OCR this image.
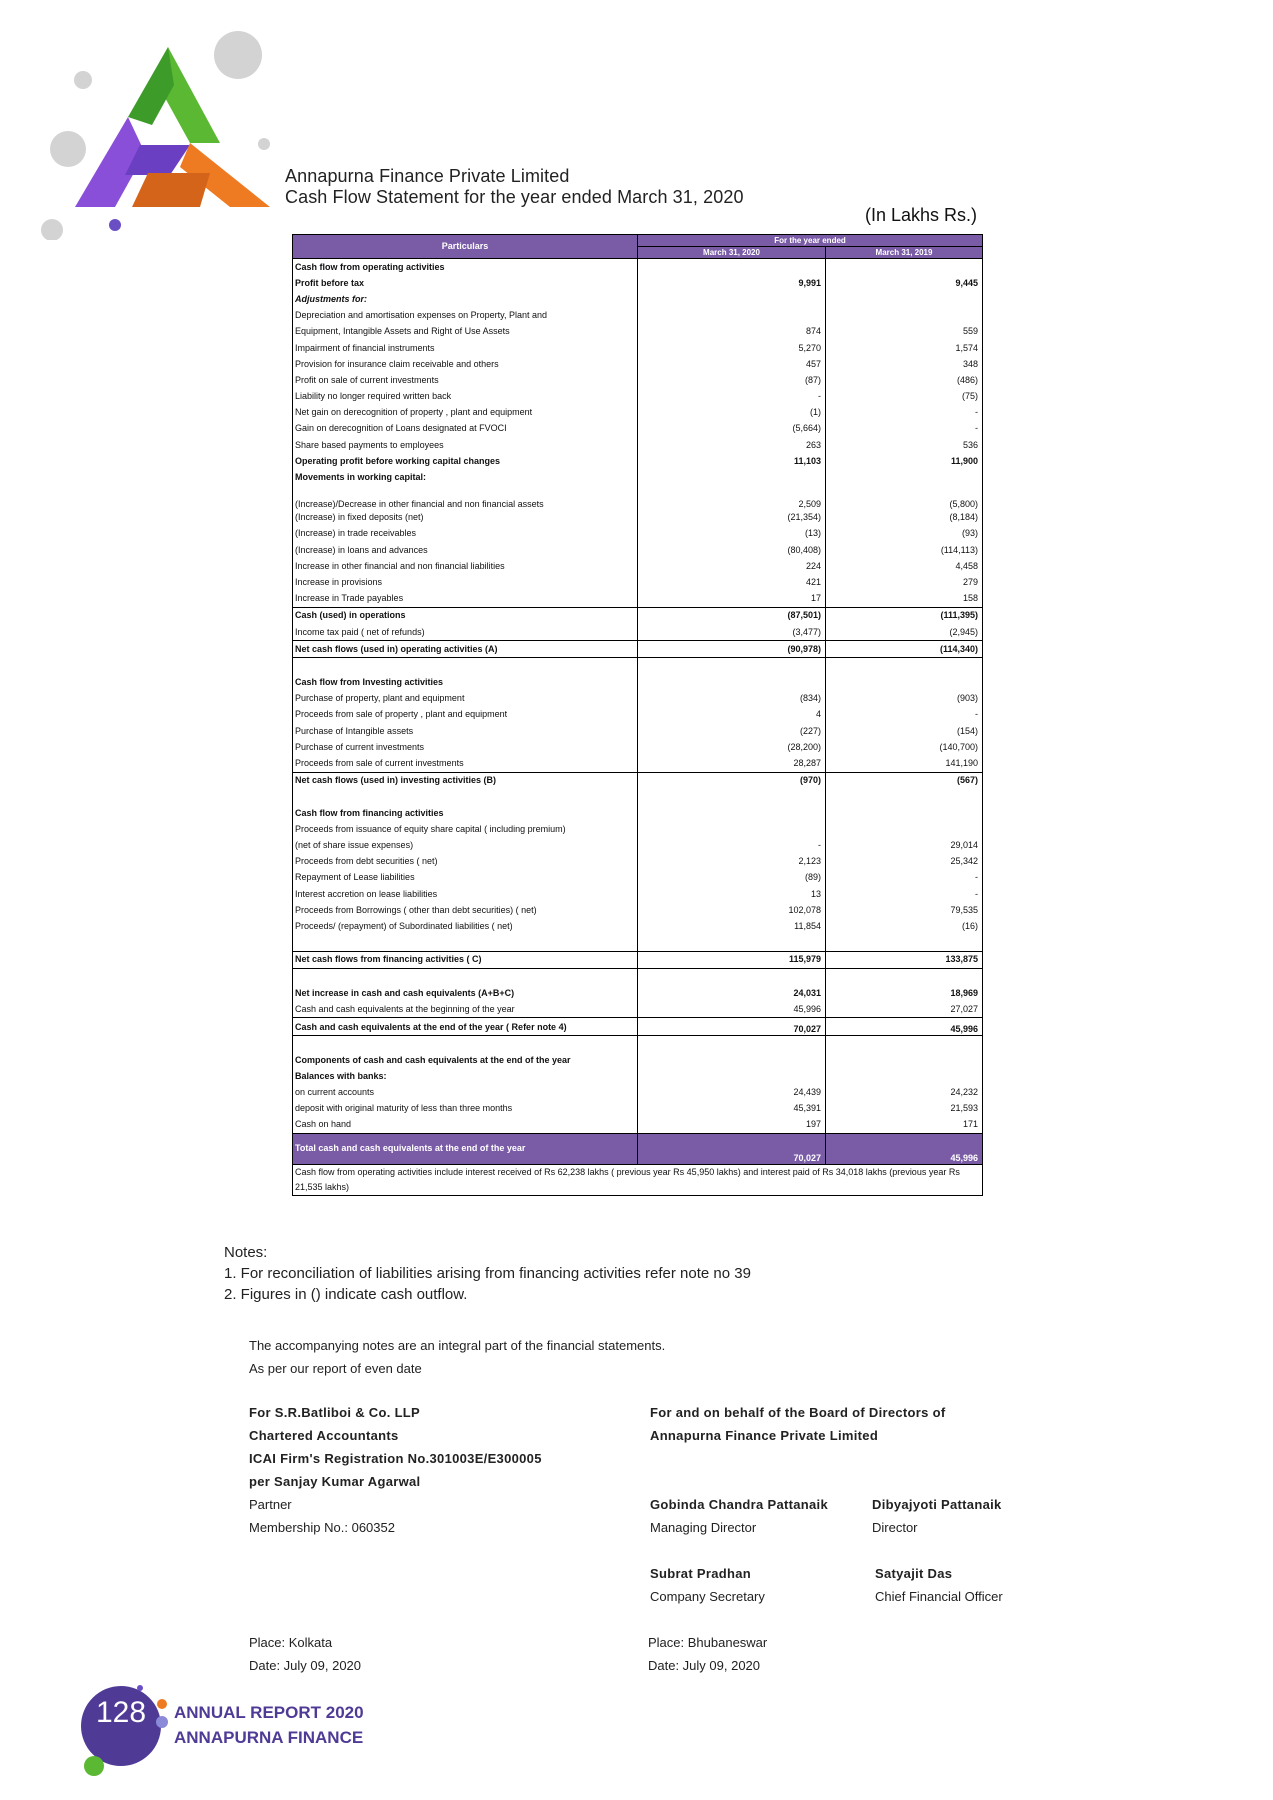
Annapurna Finance Private Limited
Cash Flow Statement for the year ended March 31, 2020
(In Lakhs Rs.)
Particulars	For the year ended	
	March 31, 2020	March 31, 2019
Cash flow from operating activities		
Profit before tax	9,991	9,445
Adjustments for:		
Depreciation and amortisation expenses on Property, Plant and		
Equipment, Intangible Assets and Right of Use Assets	874	559
Impairment of financial instruments	5,270	1,574
Provision for insurance claim receivable and others	457	348
Profit on sale of current investments	(87)	(486)
Liability no longer required written back	-	(75)
Net gain on derecognition of property , plant and equipment	(1)	-
Gain on derecognition of Loans designated at FVOCI	(5,664)	-
Share based payments to employees	263	536
Operating profit before working capital changes	11,103	11,900
Movements in working capital:		
(Increase)/Decrease in other financial and non financial assets	2,509	(5,800)
(Increase) in fixed deposits (net)	(21,354)	(8,184)
(Increase) in trade receivables	(13)	(93)
(Increase) in loans and advances	(80,408)	(114,113)
Increase in other financial and non financial liabilities	224	4,458
Increase in provisions	421	279
Increase in Trade payables	17	158
Cash (used) in operations	(87,501)	(111,395)
Income tax paid ( net of refunds)	(3,477)	(2,945)
Net cash flows (used in) operating activities (A)	(90,978)	(114,340)

Cash flow from Investing activities		
Purchase of property, plant and equipment	(834)	(903)
Proceeds from sale of property , plant and equipment	4	-
Purchase of Intangible assets	(227)	(154)
Purchase of current investments	(28,200)	(140,700)
Proceeds from sale of current investments	28,287	141,190
Net cash flows (used in) investing activities (B)	(970)	(567)

Cash flow from financing activities		
Proceeds from issuance of equity share capital ( including premium)		
(net of share issue expenses)	-	29,014
Proceeds from debt securities ( net)	2,123	25,342
Repayment of Lease liabilities	(89)	-
Interest accretion on lease liabilities	13	-
Proceeds from Borrowings ( other than debt securities) ( net)	102,078	79,535
Proceeds/ (repayment) of Subordinated liabilities ( net)	11,854	(16)

Net cash flows from financing activities ( C)	115,979	133,875

Net increase in cash and cash equivalents (A+B+C)	24,031	18,969
Cash and cash equivalents at the beginning of the year	45,996	27,027
Cash and cash equivalents at the end of the year ( Refer note 4)	70,027	45,996

Components of cash and cash equivalents at the end of the year		
Balances with banks:		
on current accounts	24,439	24,232
deposit with original maturity of less than three months	45,391	21,593
Cash on hand	197	171
Total cash and cash equivalents at the end of the year	70,027	45,996
Cash flow from operating activities include interest received of Rs 62,238 lakhs ( previous year Rs 45,950 lakhs) and interest paid of Rs 34,018 lakhs (previous year Rs 21,535 lakhs)		
Notes:
1. For reconciliation of liabilities arising from financing activities refer note no 39
2. Figures in () indicate cash outflow.
The accompanying notes are an integral part of the financial statements.
As per our report of even date
For S.R.Batliboi & Co. LLP
Chartered Accountants
ICAI Firm's Registration No.301003E/E300005
per Sanjay Kumar Agarwal
Partner
Membership No.: 060352
For and on behalf of the Board of Directors of
Annapurna Finance Private Limited
Gobinda Chandra Pattanaik
Managing Director
Dibyajyoti Pattanaik
Director
Subrat Pradhan
Company Secretary
Satyajit Das
Chief Financial Officer
Place: Kolkata
Date: July 09, 2020
Place: Bhubaneswar
Date: July 09, 2020
128	ANNUAL REPORT 2020
ANNAPURNA FINANCE
